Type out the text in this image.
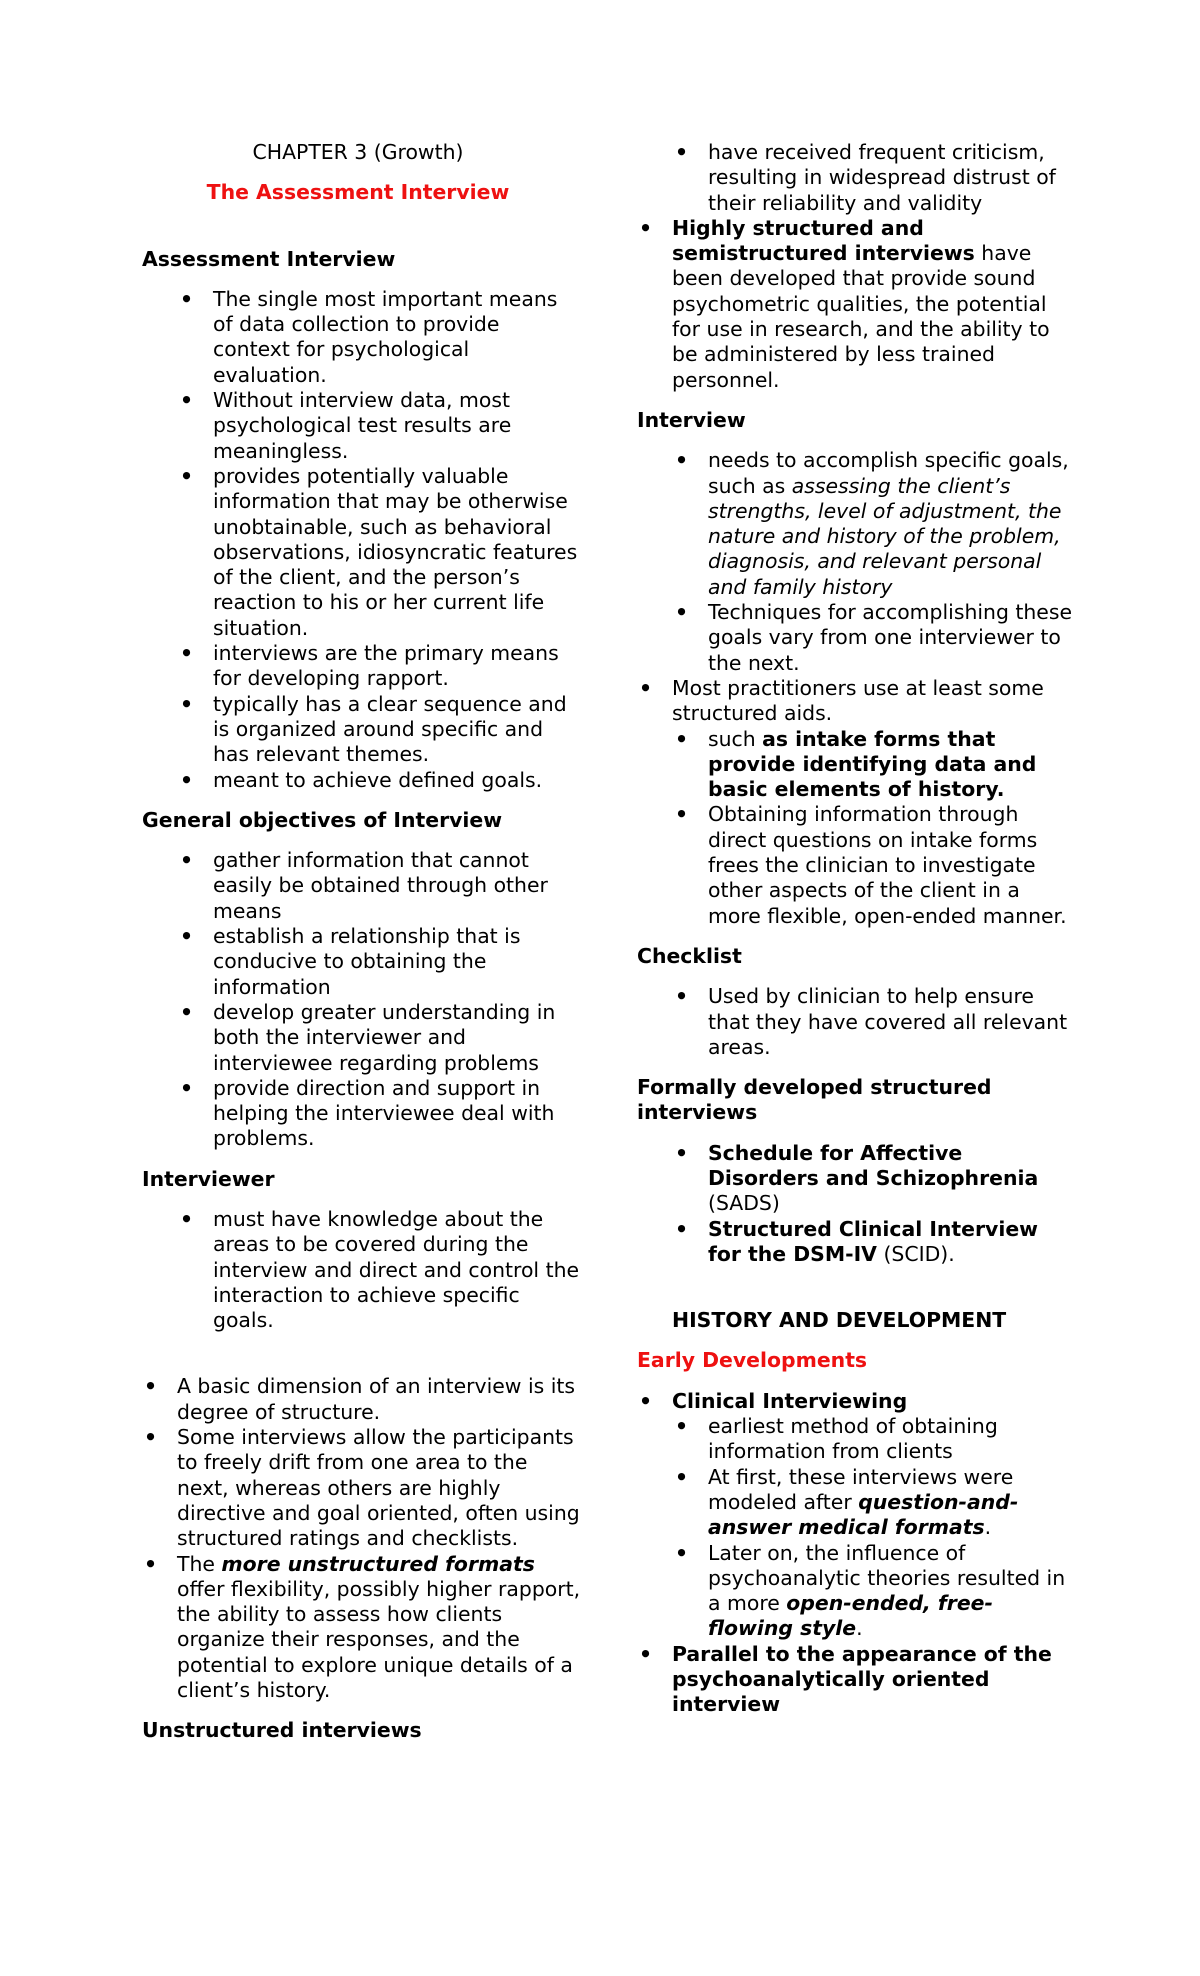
CHAPTER 3 (Growth)

The Assessment Interview

Assessment Interview

• The single most important means of data collection to provide context for psychological evaluation.
• Without interview data, most psychological test results are meaningless.
• provides potentially valuable information that may be otherwise unobtainable, such as behavioral observations, idiosyncratic features of the client, and the person’s reaction to his or her current life situation.
• interviews are the primary means for developing rapport.
• typically has a clear sequence and is organized around specific and has relevant themes.
• meant to achieve defined goals.

General objectives of Interview

• gather information that cannot easily be obtained through other means
• establish a relationship that is conducive to obtaining the information
• develop greater understanding in both the interviewer and interviewee regarding problems
• provide direction and support in helping the interviewee deal with problems.

Interviewer

• must have knowledge about the areas to be covered during the interview and direct and control the interaction to achieve specific goals.
• A basic dimension of an interview is its degree of structure.
• Some interviews allow the participants to freely drift from one area to the next, whereas others are highly directive and goal oriented, often using structured ratings and checklists.
• The more unstructured formats offer flexibility, possibly higher rapport, the ability to assess how clients organize their responses, and the potential to explore unique details of a client’s history.

Unstructured interviews

• have received frequent criticism, resulting in widespread distrust of their reliability and validity
• Highly structured and semistructured interviews have been developed that provide sound psychometric qualities, the potential for use in research, and the ability to be administered by less trained personnel.

Interview

• needs to accomplish specific goals, such as assessing the client’s strengths, level of adjustment, the nature and history of the problem, diagnosis, and relevant personal and family history
• Techniques for accomplishing these goals vary from one interviewer to the next.
• Most practitioners use at least some structured aids.
• such as intake forms that provide identifying data and basic elements of history.
• Obtaining information through direct questions on intake forms frees the clinician to investigate other aspects of the client in a more flexible, open-ended manner.

Checklist

• Used by clinician to help ensure that they have covered all relevant areas.

Formally developed structured interviews

• Schedule for Affective Disorders and Schizophrenia (SADS)
• Structured Clinical Interview for the DSM-IV (SCID).

HISTORY AND DEVELOPMENT

Early Developments

• Clinical Interviewing
• earliest method of obtaining information from clients
• At first, these interviews were modeled after question-and-answer medical formats.
• Later on, the influence of psychoanalytic theories resulted in a more open-ended, free-flowing style.
• Parallel to the appearance of the psychoanalytically oriented interview
